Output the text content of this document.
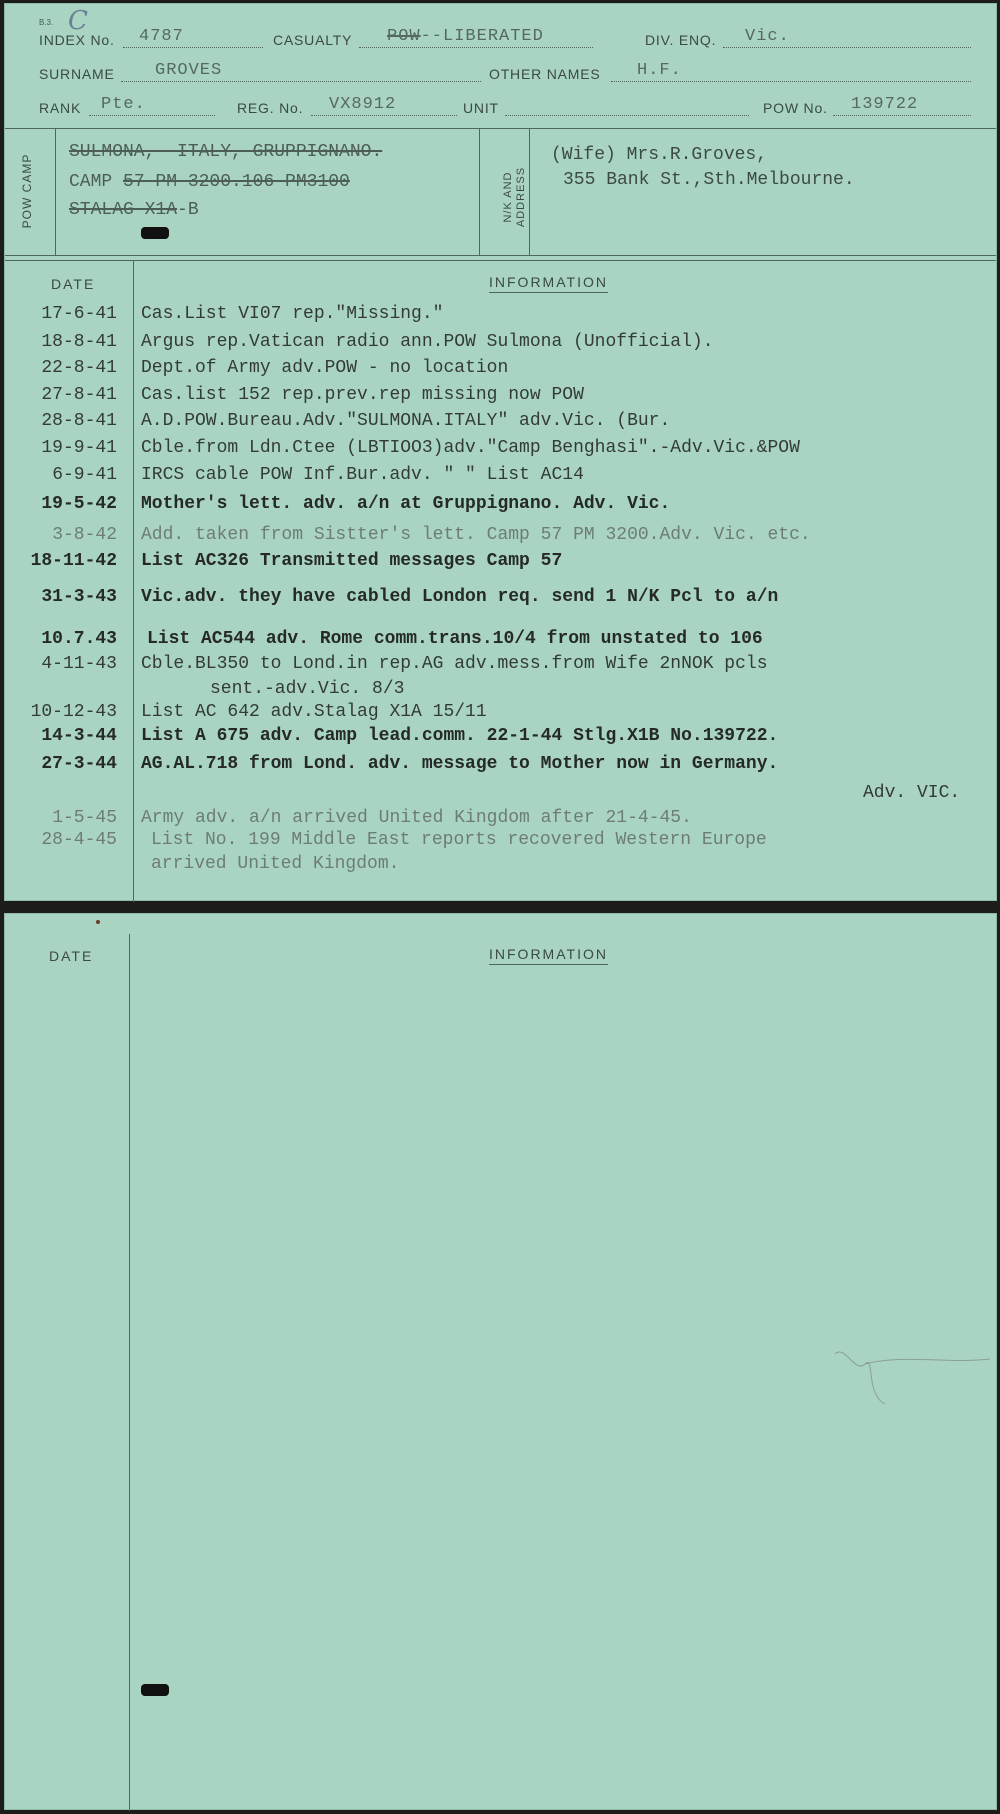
B.3. C
INDEX No. 4787	CASUALTY POW--LIBERATED	DIV. ENQ. Vic.
SURNAME GROVES	OTHER NAMES H.F.
RANK Pte.	REG. No. VX8912	UNIT	POW No. 139722
POW CAMP
SULMONA,--ITALY, GRUPPIGNANO.
CAMP 57-PM-3200.106 PM3100
STALAG X1A-B	N/K AND ADDRESS
(Wife) Mrs.R.Groves,
355 Bank St.,Sth.Melbourne.
DATE	INFORMATION
17-6-41 Cas.List VI07 rep."Missing."
18-8-41 Argus rep.Vatican radio ann.POW Sulmona (Unofficial).
22-8-41 Dept.of Army adv.POW - no location
27-8-41 Cas.list 152 rep.prev.rep missing now POW
28-8-41 A.D.POW.Bureau.Adv."SULMONA.ITALY" adv.Vic. (Bur.
19-9-41 Cble.from Ldn.Ctee (LBTIOO3)adv."Camp Benghasi".-Adv.Vic.&POW
6-9-41 IRCS cable POW Inf.Bur.adv. " " List AC14
19-5-42 Mother's lett. adv. a/n at Gruppignano. Adv. Vic.
3-8-42 Add. taken from Sistter's lett. Camp 57 PM 3200.Adv. Vic. etc.
18-11-42 List AC326 Transmitted messages Camp 57
31-3-43 Vic.adv. they have cabled London req. send 1 N/K Pcl to a/n
10.7.43 List AC544 adv. Rome comm.trans.10/4 from unstated to 106
4-11-43 Cble.BL350 to Lond.in rep.AG adv.mess.from Wife 2nNOK pcls
sent.-adv.Vic. 8/3
10-12-43 List AC 642 adv.Stalag X1A 15/11
14-3-44 List A 675 adv. Camp lead.comm. 22-1-44 Stlg.X1B No.139722.
27-3-44 AG.AL.718 from Lond. adv. message to Mother now in Germany.
Adv. VIC.
1-5-45 Army adv. a/n arrived United Kingdom after 21-4-45.
28-4-45 List No. 199 Middle East reports recovered Western Europe
arrived United Kingdom.
DATE	INFORMATION
